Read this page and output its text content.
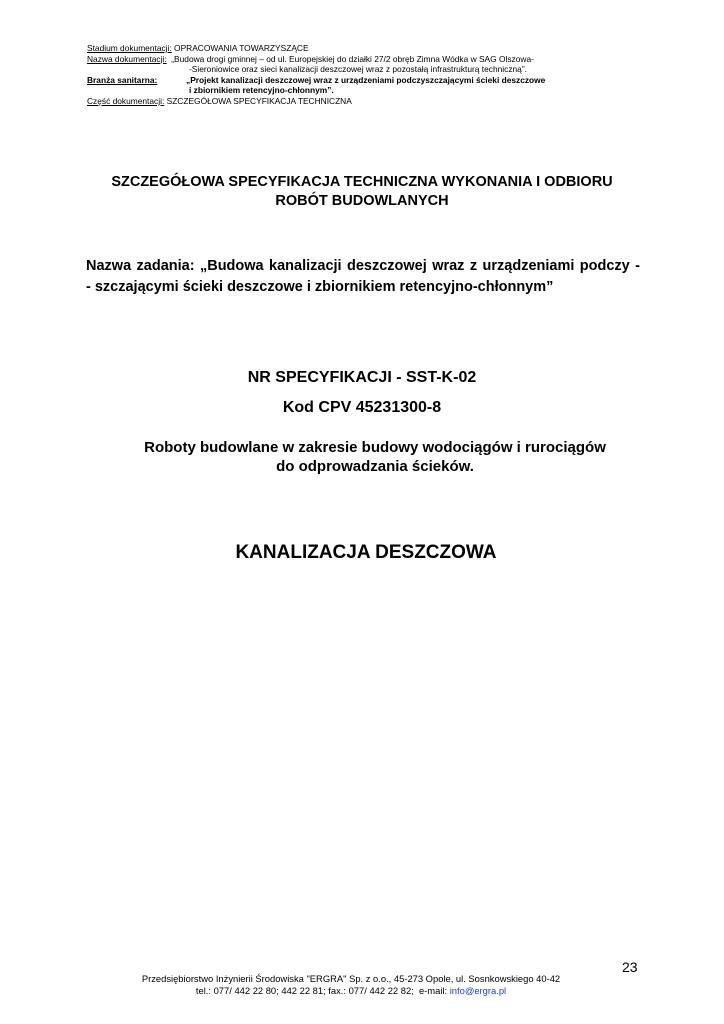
Stadium dokumentacji: OPRACOWANIA TOWARZYSZĄCE
Nazwa dokumentacji: „Budowa drogi gminnej – od ul. Europejskiej do działki 27/2 obręb Zimna Wódka w SAG Olszowa-
-Sieroniowice oraz sieci kanalizacji deszczowej wraz z pozostałą infrastrukturą techniczną”.
Branża sanitarna:	„Projekt kanalizacji deszczowej wraz z urządzeniami podczyszczającymi ścieki deszczowe
i zbiornikiem retencyjno-chłonnym”.
Część dokumentacji: SZCZEGÓŁOWA SPECYFIKACJA TECHNICZNA
SZCZEGÓŁOWA SPECYFIKACJA TECHNICZNA WYKONANIA I ODBIORU
ROBÓT BUDOWLANYCH
Nazwa zadania: „Budowa kanalizacji deszczowej wraz z urządzeniami podczy -
- szczającymi ścieki deszczowe i zbiornikiem retencyjno-chłonnym”
NR SPECYFIKACJI - SST-K-02
Kod CPV 45231300-8
Roboty budowlane w zakresie budowy wodociągów i rurociągów
do odprowadzania ścieków.
KANALIZACJA DESZCZOWA
23
Przedsiębiorstwo Inżynierii Środowiska "ERGRA" Sp. z o.o., 45-273 Opole, ul. Sosnkowskiego 40-42
tel.: 077/ 442 22 80; 442 22 81; fax.: 077/ 442 22 82;  e-mail: info@ergra.pl
